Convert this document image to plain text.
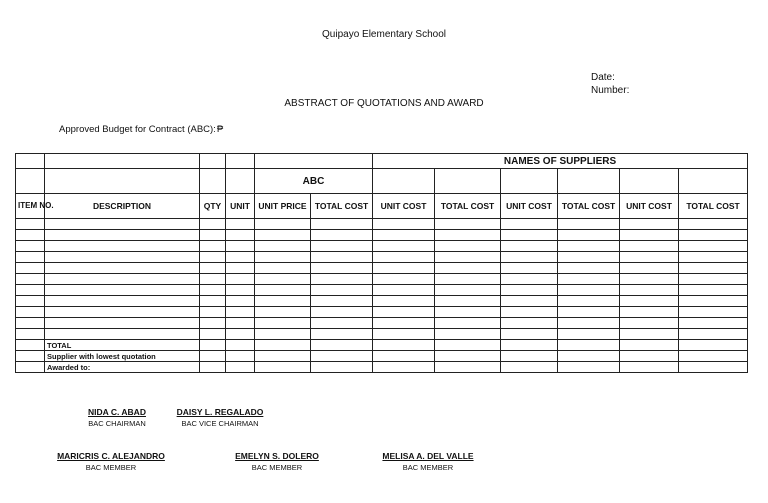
Quipayo Elementary School
Date:
Number:
ABSTRACT OF QUOTATIONS AND AWARD
Approved Budget for Contract (ABC):₱
						NAMES OF SUPPLIERS					
				ABC							
ITEM NO.	DESCRIPTION	QTY	UNIT	UNIT PRICE	TOTAL COST	UNIT COST	TOTAL COST	UNIT COST	TOTAL COST	UNIT COST	TOTAL COST

	TOTAL										
	Supplier with lowest quotation										
	Awarded to:										
NIDA C. ABAD
BAC CHAIRMAN
DAISY L. REGALADO
BAC VICE CHAIRMAN
MARICRIS C. ALEJANDRO
BAC MEMBER
EMELYN S. DOLERO
BAC MEMBER
MELISA A. DEL VALLE
BAC MEMBER
